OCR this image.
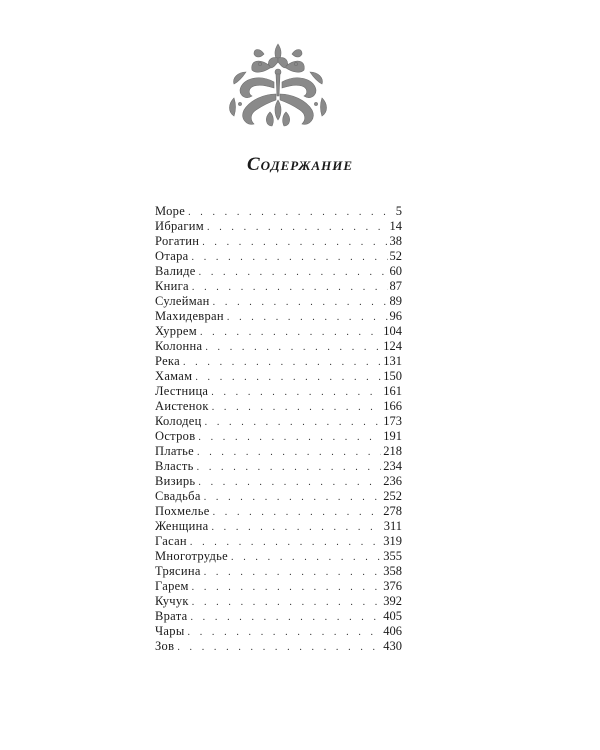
Содержание
Море . . .	5
Ибрагим . . .	14
Рогатин . . .	38
Отара . . .	52
Валиде . . .	60
Книга . . .	87
Сулейман . . .	89
Махидевран . . .	96
Хуррем . . .	104
Колонна . . .	124
Река . . .	131
Хамам . . .	150
Лестница . . .	161
Аистенок . . .	166
Колодец . . .	173
Остров . . .	191
Платье . . .	218
Власть . . .	234
Визирь . . .	236
Свадьба . . .	252
Похмелье . . .	278
Женщина . . .	311
Гасан . . .	319
Многотрудье . . .	355
Трясина . . .	358
Гарем . . .	376
Кучук . . .	392
Врата . . .	405
Чары . . .	406
Зов . . .	430
